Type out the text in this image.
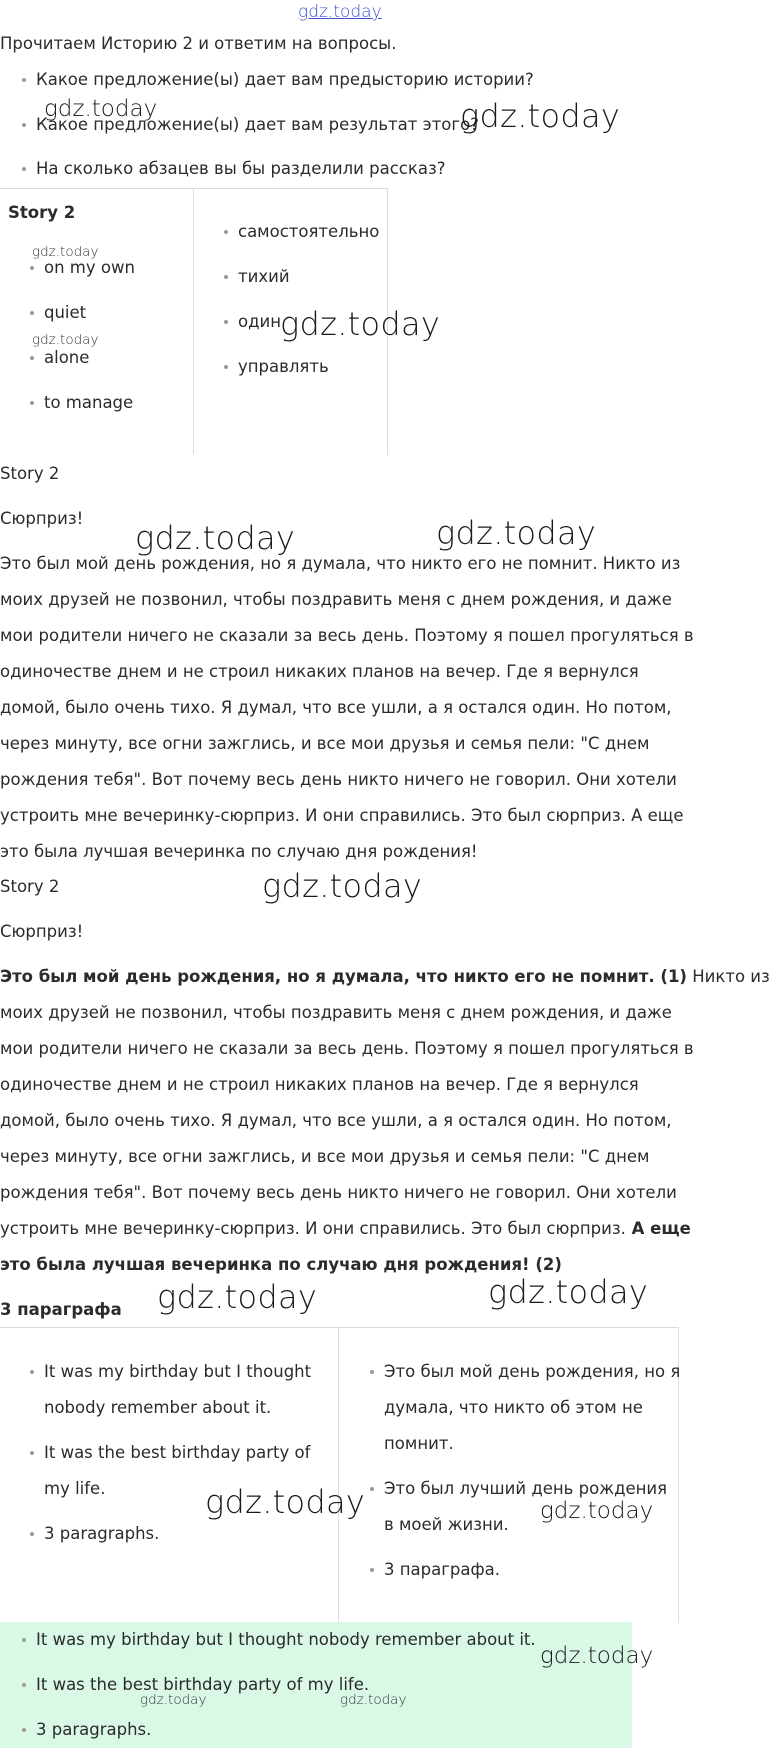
gdz.today
Прочитаем Историю 2 и ответим на вопросы.
Какое предложение(ы) дает вам предысторию истории?
Какое предложение(ы) дает вам результат этого?
На сколько абзацев вы бы разделили рассказ?
gdz.today	gdz.today
Story 2
on my own
quiet
alone
to manage
самостоятельно
тихий
один
управлять
gdz.today
gdz.today	gdz.today
Story 2
Сюрприз!
gdz.today	gdz.today
Это был мой день рождения, но я думала, что никто его не помнит. Никто из
моих друзей не позвонил, чтобы поздравить меня с днем рождения, и даже
мои родители ничего не сказали за весь день. Поэтому я пошел прогуляться в
одиночестве днем и не строил никаких планов на вечер. Где я вернулся
домой, было очень тихо. Я думал, что все ушли, а я остался один. Но потом,
через минуту, все огни зажглись, и все мои друзья и семья пели: "С днем
рождения тебя". Вот почему весь день никто ничего не говорил. Они хотели
устроить мне вечеринку-сюрприз. И они справились. Это был сюрприз. А еще
это была лучшая вечеринка по случаю дня рождения!
Story 2	gdz.today
Сюрприз!
Это был мой день рождения, но я думала, что никто его не помнит. (1) Никто из
моих друзей не позвонил, чтобы поздравить меня с днем рождения, и даже
мои родители ничего не сказали за весь день. Поэтому я пошел прогуляться в
одиночестве днем и не строил никаких планов на вечер. Где я вернулся
домой, было очень тихо. Я думал, что все ушли, а я остался один. Но потом,
через минуту, все огни зажглись, и все мои друзья и семья пели: "С днем
рождения тебя". Вот почему весь день никто ничего не говорил. Они хотели
устроить мне вечеринку-сюрприз. И они справились. Это был сюрприз. А еще
это была лучшая вечеринка по случаю дня рождения! (2)
3 параграфа gdz.today	gdz.today
It was my birthday but I thought
nobody remember about it.
It was the best birthday party of
my life.
3 paragraphs.
Это был мой день рождения, но я
думала, что никто об этом не
помнит.
Это был лучший день рождения
в моей жизни.
3 параграфа.
gdz.today	gdz.today
It was my birthday but I thought nobody remember about it.
It was the best birthday party of my life.
3 paragraphs.
gdz.today
gdz.today	gdz.today
